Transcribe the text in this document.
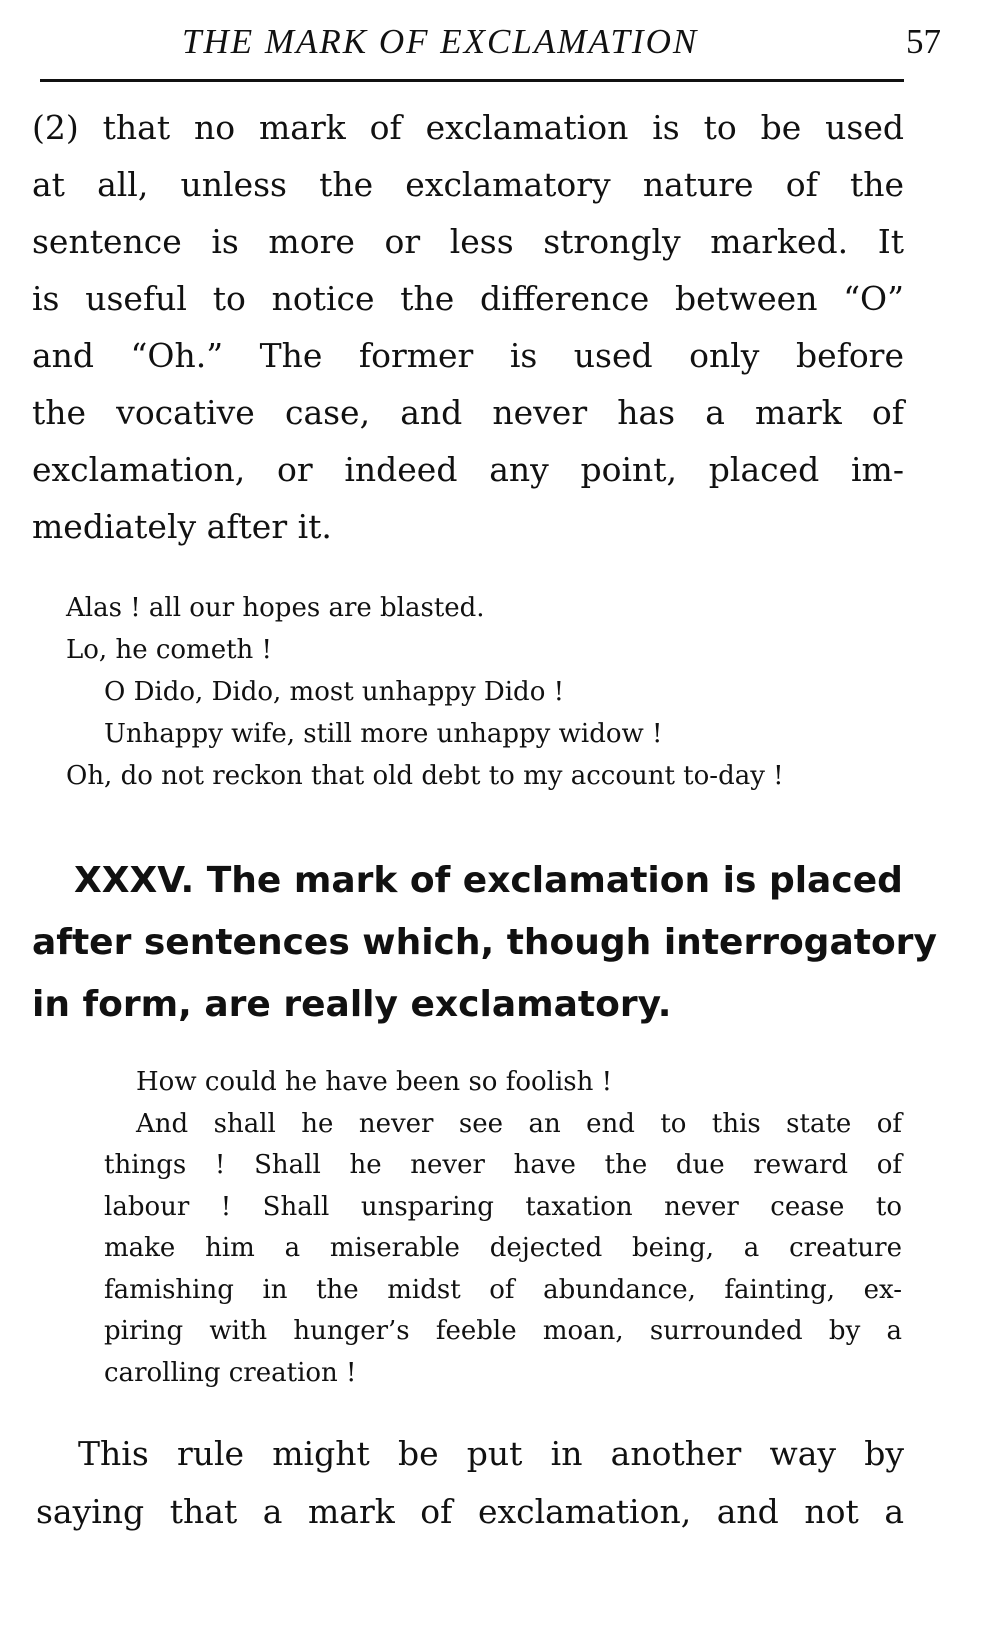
THE MARK OF EXCLAMATION	57
(2) that no mark of exclamation is to be used
at all, unless the exclamatory nature of the
sentence is more or less strongly marked. It
is useful to notice the difference between “O”
and “Oh.” The former is used only before
the vocative case, and never has a mark of
exclamation, or indeed any point, placed im-
mediately after it.
Alas ! all our hopes are blasted.
Lo, he cometh !
O Dido, Dido, most unhappy Dido !
Unhappy wife, still more unhappy widow !
Oh, do not reckon that old debt to my account to-day !
XXXV. The mark of exclamation is placed
after sentences which, though interrogatory
in form, are really exclamatory.
How could he have been so foolish !
And shall he never see an end to this state of
things ! Shall he never have the due reward of
labour ! Shall unsparing taxation never cease to
make him a miserable dejected being, a creature
famishing in the midst of abundance, fainting, ex-
piring with hunger’s feeble moan, surrounded by a
carolling creation !
This rule might be put in another way by
saying that a mark of exclamation, and not a
